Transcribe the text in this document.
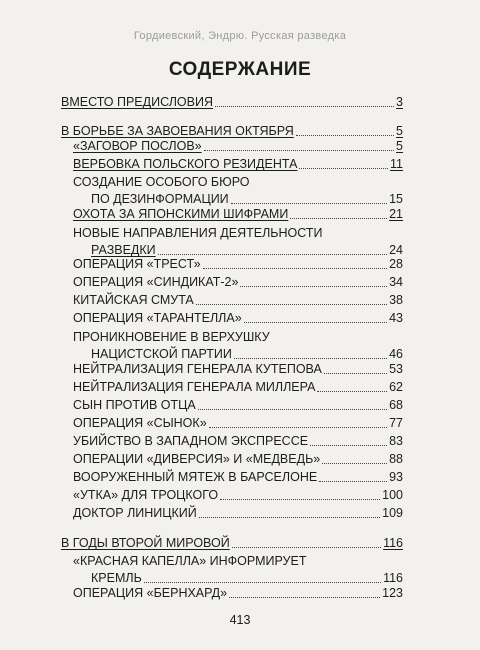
Гордиевский, Эндрю. Русская разведка
СОДЕРЖАНИЕ
ВМЕСТО ПРЕДИСЛОВИЯ	3
В БОРЬБЕ ЗА ЗАВОЕВАНИЯ ОКТЯБРЯ	5
«ЗАГОВОР ПОСЛОВ»	5
ВЕРБОВКА ПОЛЬСКОГО РЕЗИДЕНТА	11
СОЗДАНИЕ ОСОБОГО БЮРО
ПО ДЕЗИНФОРМАЦИИ	15
ОХОТА ЗА ЯПОНСКИМИ ШИФРАМИ	21
НОВЫЕ НАПРАВЛЕНИЯ ДЕЯТЕЛЬНОСТИ
РАЗВЕДКИ	24
ОПЕРАЦИЯ «ТРЕСТ»	28
ОПЕРАЦИЯ «СИНДИКАТ-2»	34
КИТАЙСКАЯ СМУТА	38
ОПЕРАЦИЯ «ТАРАНТЕЛЛА»	43
ПРОНИКНОВЕНИЕ В ВЕРХУШКУ
НАЦИСТСКОЙ ПАРТИИ	46
НЕЙТРАЛИЗАЦИЯ ГЕНЕРАЛА КУТЕПОВА	53
НЕЙТРАЛИЗАЦИЯ ГЕНЕРАЛА МИЛЛЕРА	62
СЫН ПРОТИВ ОТЦА	68
ОПЕРАЦИЯ «СЫНОК»	77
УБИЙСТВО В ЗАПАДНОМ ЭКСПРЕССЕ	83
ОПЕРАЦИИ «ДИВЕРСИЯ» И «МЕДВЕДЬ»	88
ВООРУЖЕННЫЙ МЯТЕЖ В БАРСЕЛОНЕ	93
«УТКА» ДЛЯ ТРОЦКОГО	100
ДОКТОР ЛИНИЦКИЙ	109
В ГОДЫ ВТОРОЙ МИРОВОЙ	116
«КРАСНАЯ КАПЕЛЛА» ИНФОРМИРУЕТ
КРЕМЛЬ	116
ОПЕРАЦИЯ «БЕРНХАРД»	123
413
